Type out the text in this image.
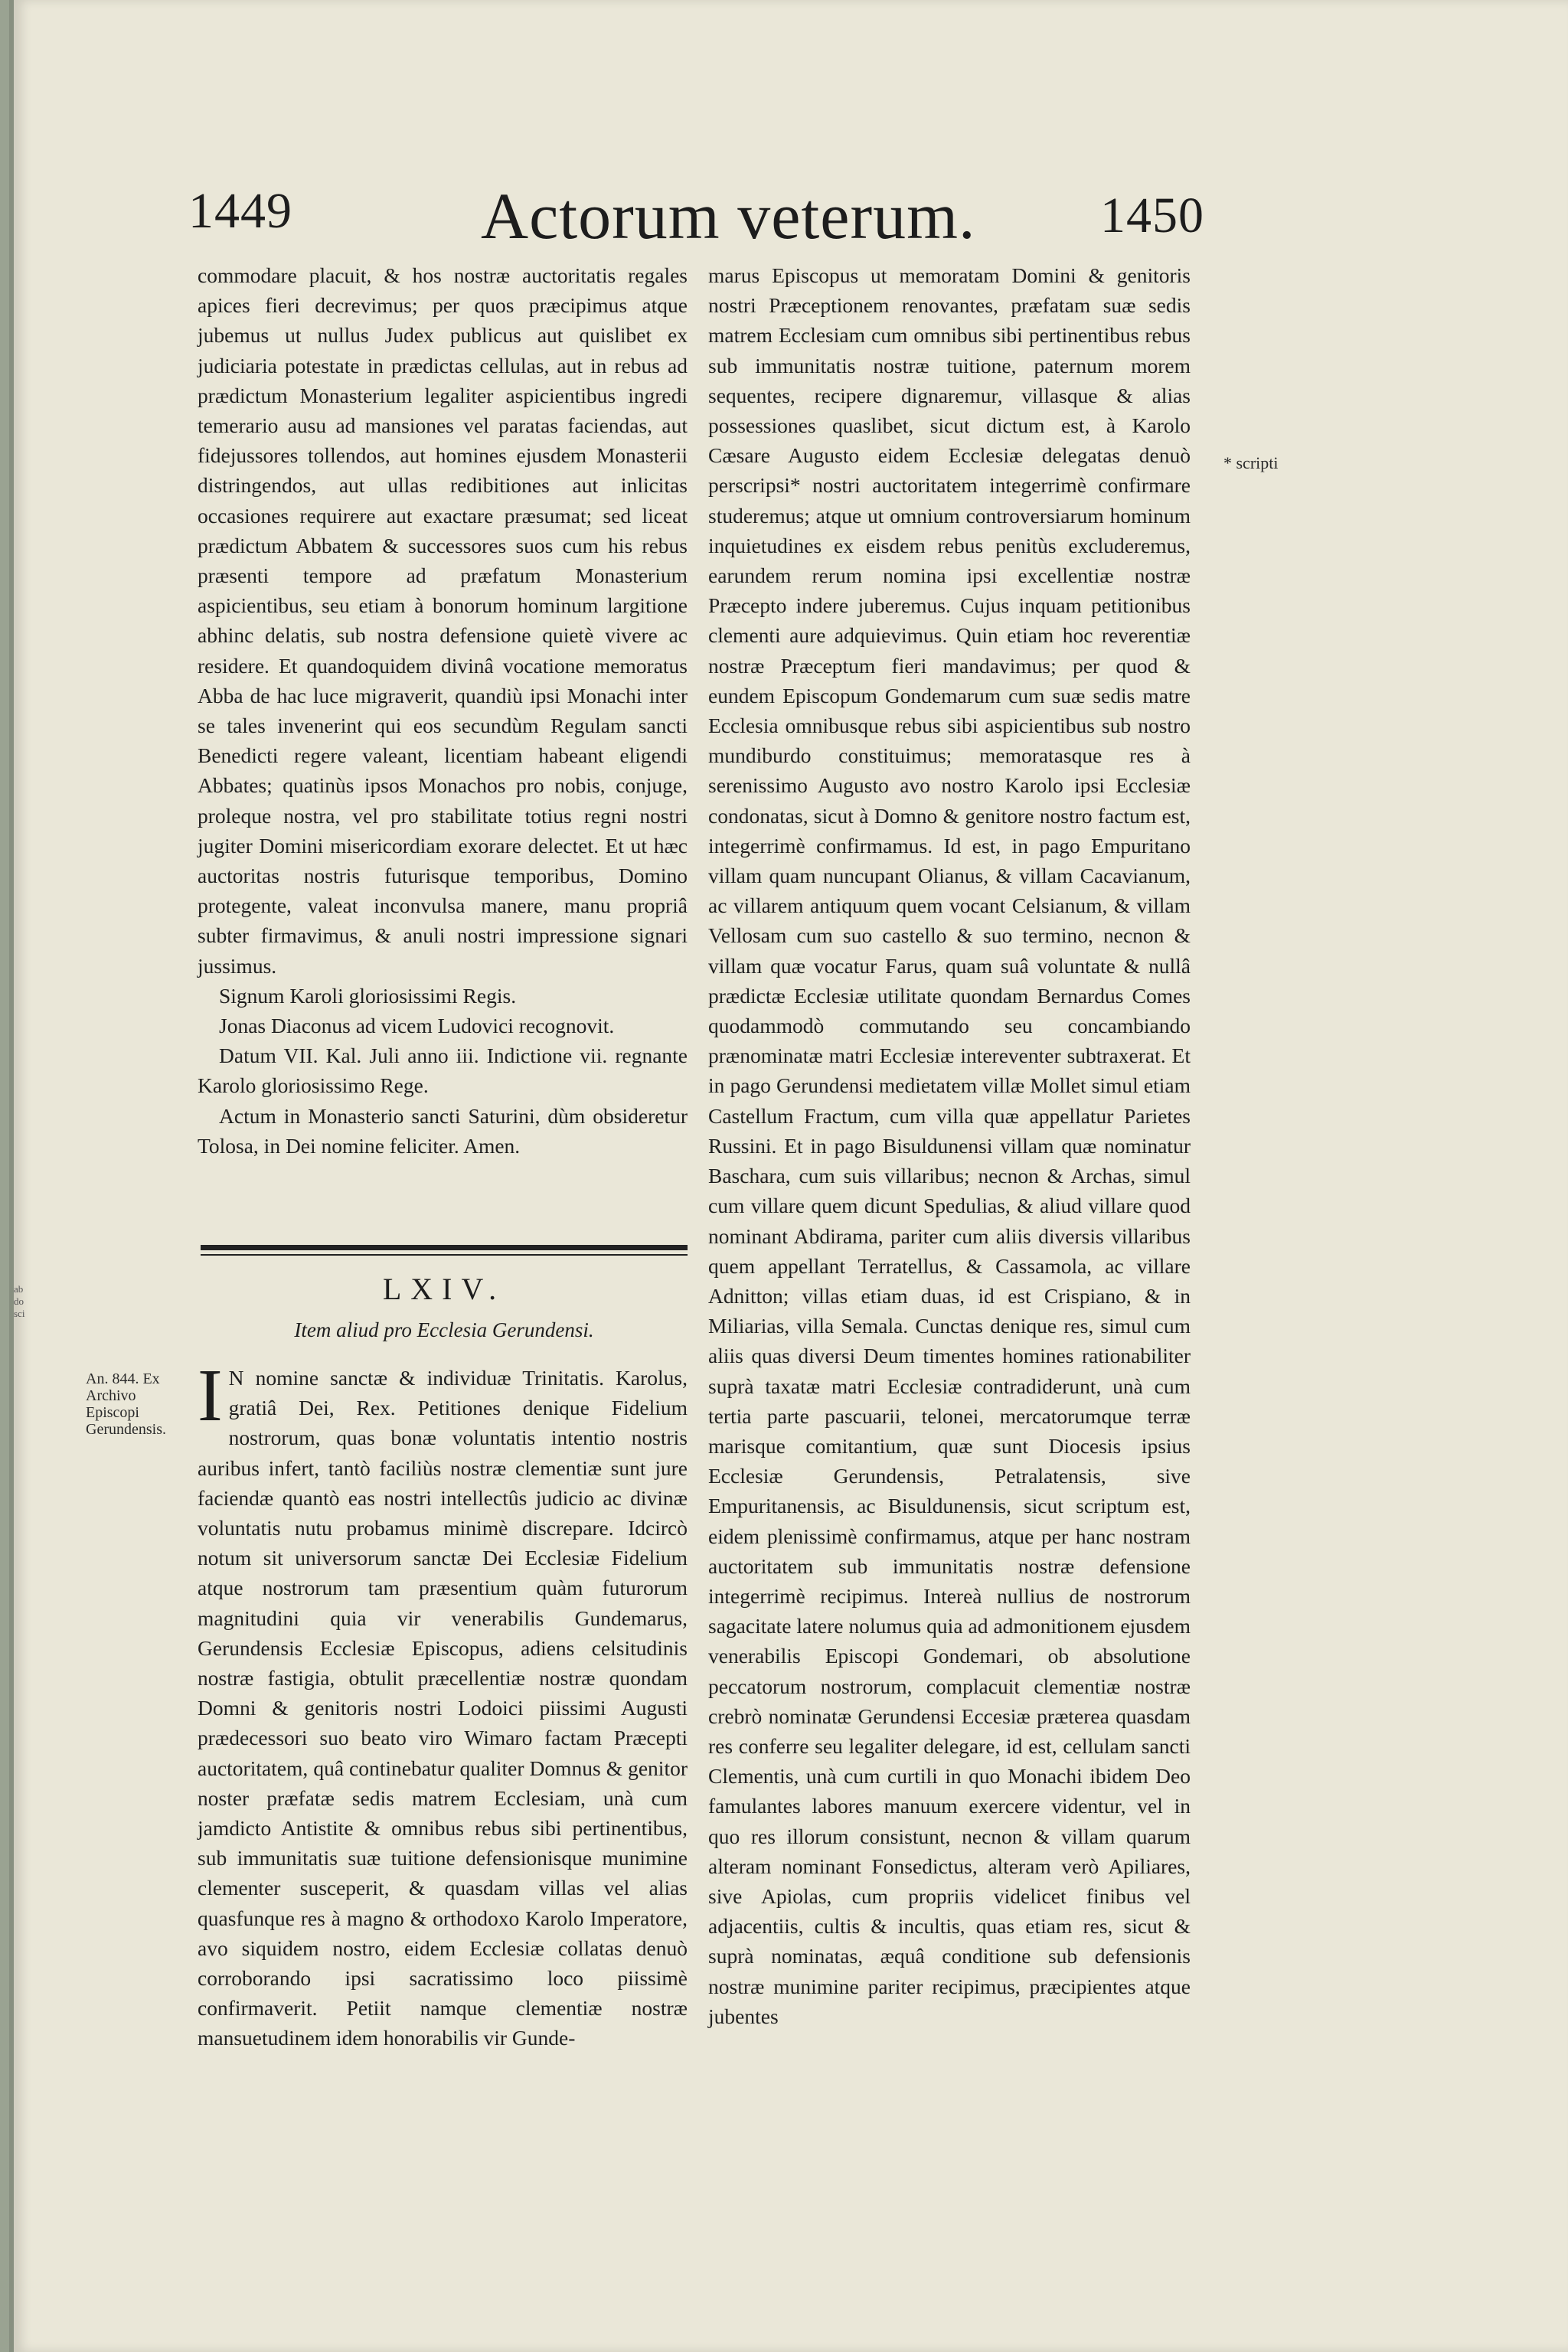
ab
do
sci
1449	Actorum veterum. 1450

commodare placuit, & hos nostræ auctoritatis regales apices fieri decrevimus; per quos præcipimus atque jubemus ut nullus Judex publicus aut quislibet ex judiciaria potestate in prædictas cellulas, aut in rebus ad prædictum Monasterium legaliter aspicientibus ingredi temerario ausu ad mansiones vel paratas faciendas, aut fidejussores tollendos, aut homines ejusdem Monasterii distringendos, aut ullas redibitiones aut inlicitas occasiones requirere aut exactare præsumat; sed liceat prædictum Abbatem & successores suos cum his rebus præsenti tempore ad præfatum Monasterium aspicientibus, seu etiam à bonorum hominum largitione abhinc delatis, sub nostra defensione quietè vivere ac residere. Et quandoquidem divinâ vocatione memoratus Abba de hac luce migraverit, quandiù ipsi Monachi inter se tales invenerint qui eos secundùm Regulam sancti Benedicti regere valeant, licentiam habeant eligendi Abbates; quatinùs ipsos Monachos pro nobis, conjuge, proleque nostra, vel pro stabilitate totius regni nostri jugiter Domini misericordiam exorare delectet. Et ut hæc auctoritas nostris futurisque temporibus, Domino protegente, valeat inconvulsa manere, manu propriâ subter firmavimus, & anuli nostri impressione signari jussimus.

Signum Karoli gloriosissimi Regis.

Jonas Diaconus ad vicem Ludovici recognovit.

Datum VII. Kal. Juli anno iii. Indictione vii. regnante Karolo gloriosissimo Rege.

Actum in Monasterio sancti Saturini, dùm obsideretur Tolosa, in Dei nomine feliciter. Amen.

LXIV.
Item aliud pro Ecclesia Gerundensi.
An. 844. Ex Archivo Episcopi Gerundensis. I N nomine sanctæ & individuæ Trinitatis. Karolus, gratiâ Dei, Rex. Petitiones denique Fidelium nostrorum, quas bonæ voluntatis intentio nostris auribus infert, tantò faciliùs nostræ clementiæ sunt jure faciendæ quantò eas nostri intellectûs judicio ac divinæ voluntatis nutu probamus minimè discrepare. Idcircò notum sit universorum sanctæ Dei Ecclesiæ Fidelium atque nostrorum tam præsentium quàm futurorum magnitudini quia vir venerabilis Gundemarus, Gerundensis Ecclesiæ Episcopus, adiens celsitudinis nostræ fastigia, obtulit præcellentiæ nostræ quondam Domni & genitoris nostri Lodoici piissimi Augusti prædecessori suo beato viro Wimaro factam Præcepti auctoritatem, quâ continebatur qualiter Domnus & genitor noster præfatæ sedis matrem Ecclesiam, unà cum jamdicto Antistite & omnibus rebus sibi pertinentibus, sub immunitatis suæ tuitione defensionisque munimine clementer susceperit, & quasdam villas vel alias quasfunque res à magno & orthodoxo Karolo Imperatore, avo siquidem nostro, eidem Ecclesiæ collatas denuò corroborando ipsi sacratissimo loco piissimè confirmaverit. Petiit namque clementiæ nostræ mansuetudinem idem honorabilis vir Gunde-

marus Episcopus ut memoratam Domini & genitoris nostri Præceptionem renovantes, præfatam suæ sedis matrem Ecclesiam cum omnibus sibi pertinentibus rebus sub immunitatis nostræ tuitione, paternum morem sequentes, recipere dignaremur, villasque & alias possessiones quaslibet, sicut dictum est, à Karolo Cæsare Augusto eidem Ecclesiæ delegatas denuò perscripsi* nostri auctoritatem integerrimè confirmare studeremus; atque ut omnium controversiarum hominum inquietudines ex eisdem rebus penitùs excluderemus, earundem rerum nomina ipsi excellentiæ nostræ Præcepto indere juberemus. Cujus inquam petitionibus clementi aure adquievimus. Quin etiam hoc reverentiæ nostræ Præceptum fieri mandavimus; per quod & eundem Episcopum Gondemarum cum suæ sedis matre Ecclesia omnibusque rebus sibi aspicientibus sub nostro mundiburdo constituimus; memoratasque res à serenissimo Augusto avo nostro Karolo ipsi Ecclesiæ condonatas, sicut à Domno & genitore nostro factum est, integerrimè confirmamus. Id est, in pago Empuritano villam quam nuncupant Olianus, & villam Cacavianum, ac villarem antiquum quem vocant Celsianum, & villam Vellosam cum suo castello & suo termino, necnon & villam quæ vocatur Farus, quam suâ voluntate & nullâ prædictæ Ecclesiæ utilitate quondam Bernardus Comes quodammodò commutando seu concambiando prænominatæ matri Ecclesiæ intereventer subtraxerat. Et in pago Gerundensi medietatem villæ Mollet simul etiam Castellum Fractum, cum villa quæ appellatur Parietes Russini. Et in pago Bisuldunensi villam quæ nominatur Baschara, cum suis villaribus; necnon & Archas, simul cum villare quem dicunt Spedulias, & aliud villare quod nominant Abdirama, pariter cum aliis diversis villaribus quem appellant Terratellus, & Cassamola, ac villare Adnitton; villas etiam duas, id est Crispiano, & in Miliarias, villa Semala. Cunctas denique res, simul cum aliis quas diversi Deum timentes homines rationabiliter suprà taxatæ matri Ecclesiæ contradiderunt, unà cum tertia parte pascuarii, telonei, mercatorumque terræ marisque comitantium, quæ sunt Diocesis ipsius Ecclesiæ Gerundensis, Petralatensis, sive Empuritanensis, ac Bisuldunensis, sicut scriptum est, eidem plenissimè confirmamus, atque per hanc nostram auctoritatem sub immunitatis nostræ defensione integerrimè recipimus. Intereà nullius de nostrorum sagacitate latere nolumus quia ad admonitionem ejusdem venerabilis Episcopi Gondemari, ob absolutione peccatorum nostrorum, complacuit clementiæ nostræ crebrò nominatæ Gerundensi Eccesiæ præterea quasdam res conferre seu legaliter delegare, id est, cellulam sancti Clementis, unà cum curtili in quo Monachi ibidem Deo famulantes labores manuum exercere videntur, vel in quo res illorum consistunt, necnon & villam quarum alteram nominant Fonsedictus, alteram verò Apiliares, sive Apiolas, cum propriis videlicet finibus vel adjacentiis, cultis & incultis, quas etiam res, sicut & suprà nominatas, æquâ conditione sub defensionis nostræ munimine pariter recipimus, præcipientes atque jubentes

* scripti
